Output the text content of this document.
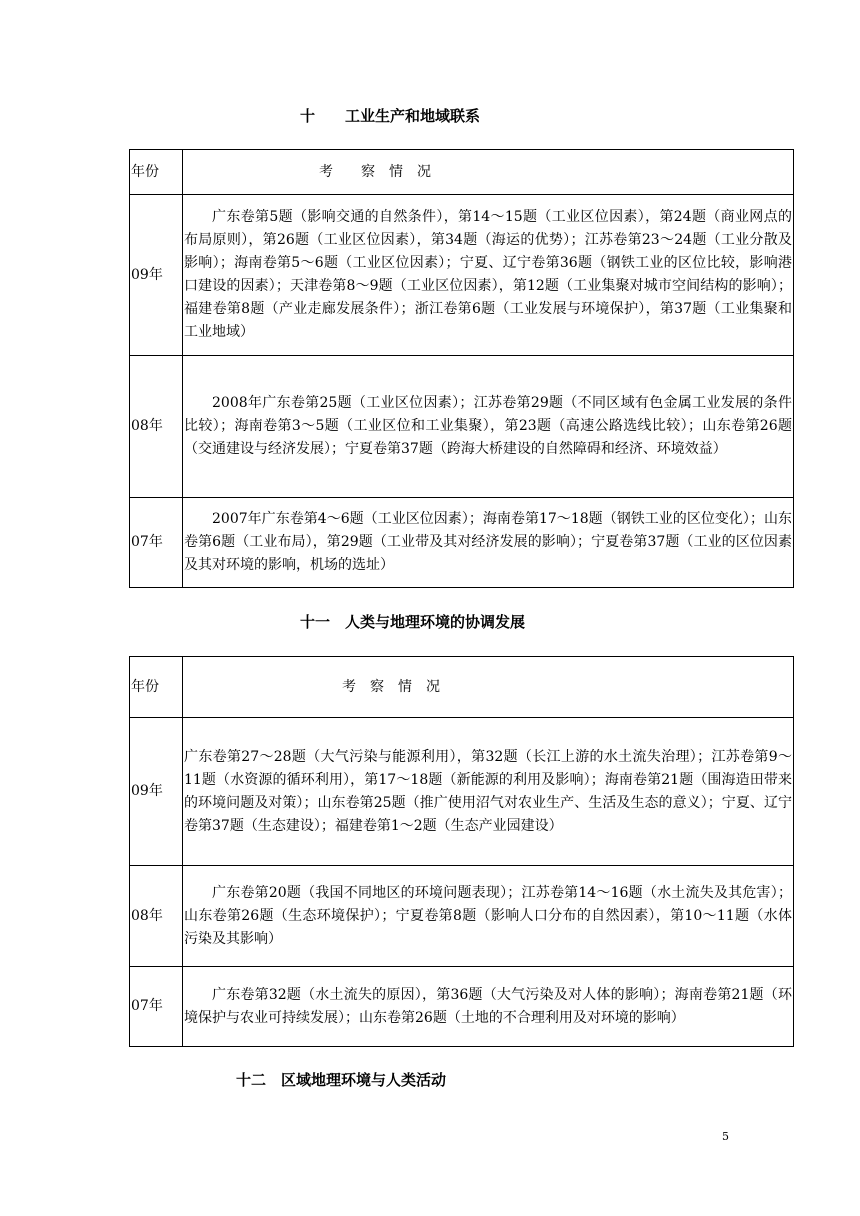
十　　工业生产和地域联系
年份	考　　察　情　况
09年	广东卷第5题（影响交通的自然条件），第14～15题（工业区位因素），第24题（商业网点的布局原则），第26题（工业区位因素），第34题（海运的优势）；江苏卷第23～24题（工业分散及影响）；海南卷第5～6题（工业区位因素）；宁夏、辽宁卷第36题（钢铁工业的区位比较，影响港口建设的因素）；天津卷第8～9题（工业区位因素），第12题（工业集聚对城市空间结构的影响）；福建卷第8题（产业走廊发展条件）；浙江卷第6题（工业发展与环境保护），第37题（工业集聚和工业地域）
08年	2008年广东卷第25题（工业区位因素）；江苏卷第29题（不同区域有色金属工业发展的条件比较）；海南卷第3～5题（工业区位和工业集聚），第23题（高速公路选线比较）；山东卷第26题（交通建设与经济发展）；宁夏卷第37题（跨海大桥建设的自然障碍和经济、环境效益）
07年	2007年广东卷第4～6题（工业区位因素）；海南卷第17～18题（钢铁工业的区位变化）；山东卷第6题（工业布局），第29题（工业带及其对经济发展的影响）；宁夏卷第37题（工业的区位因素及其对环境的影响，机场的选址）
十一　人类与地理环境的协调发展
年份	考　察　情　况
09年	广东卷第27～28题（大气污染与能源利用），第32题（长江上游的水土流失治理）；江苏卷第9～11题（水资源的循环利用），第17～18题（新能源的利用及影响）；海南卷第21题（围海造田带来的环境问题及对策）；山东卷第25题（推广使用沼气对农业生产、生活及生态的意义）；宁夏、辽宁卷第37题（生态建设）；福建卷第1～2题（生态产业园建设）
08年	广东卷第20题（我国不同地区的环境问题表现）；江苏卷第14～16题（水土流失及其危害）；山东卷第26题（生态环境保护）；宁夏卷第8题（影响人口分布的自然因素），第10～11题（水体污染及其影响）
07年	广东卷第32题（水土流失的原因），第36题（大气污染及对人体的影响）；海南卷第21题（环境保护与农业可持续发展）；山东卷第26题（土地的不合理利用及对环境的影响）
十二　区域地理环境与人类活动
5
